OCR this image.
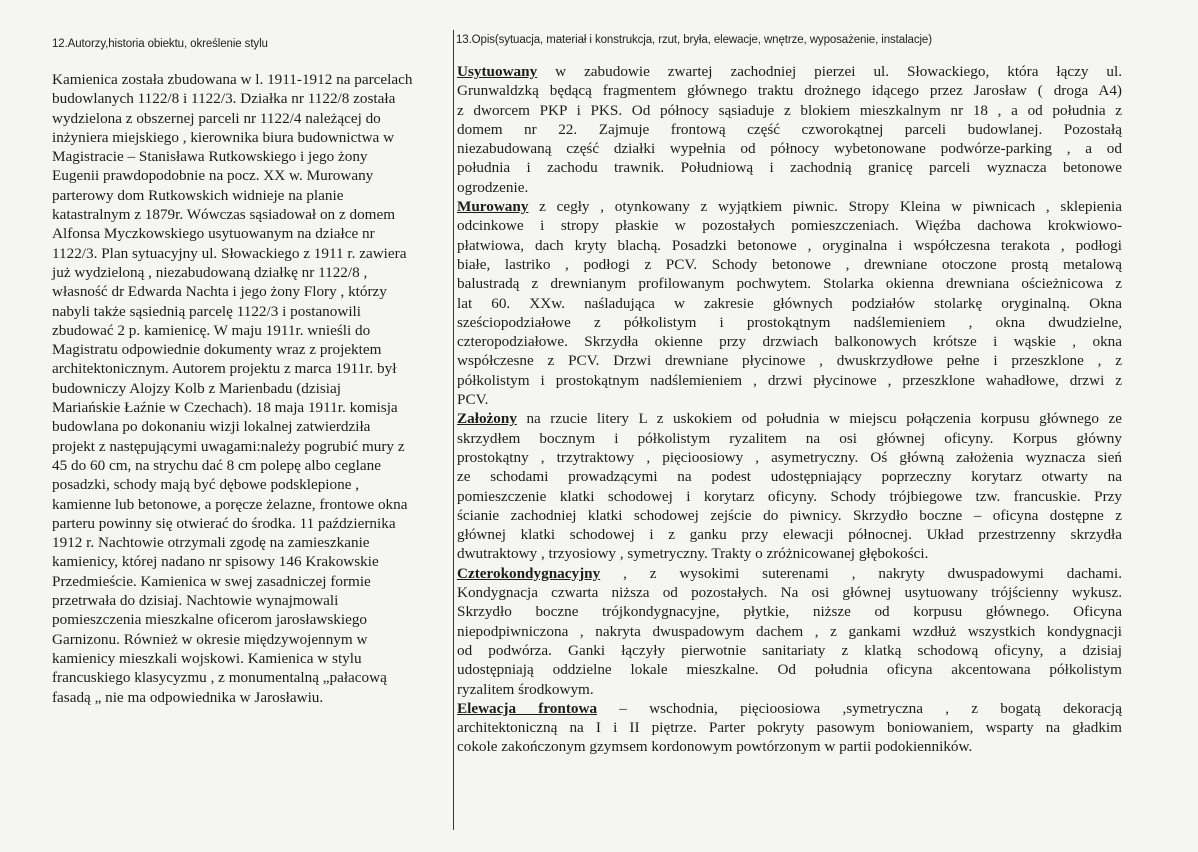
12.Autorzy,historia obiektu, określenie stylu	13.Opis(sytuacja, materiał i konstrukcja, rzut, bryła, elewacje, wnętrze, wyposażenie, instalacje)
Kamienica została zbudowana w l. 1911-1912 na parcelach
budowlanych 1122/8 i 1122/3. Działka nr 1122/8 została
wydzielona z obszernej parceli nr 1122/4 należącej do
inżyniera miejskiego , kierownika biura budownictwa w
Magistracie – Stanisława Rutkowskiego i jego żony
Eugenii prawdopodobnie na pocz. XX w. Murowany
parterowy dom Rutkowskich widnieje na planie
katastralnym z 1879r. Wówczas sąsiadował on z domem
Alfonsa Myczkowskiego usytuowanym na działce nr
1122/3. Plan sytuacyjny ul. Słowackiego z 1911 r. zawiera
już wydzieloną , niezabudowaną działkę nr 1122/8 ,
własność dr Edwarda Nachta i jego żony Flory , którzy
nabyli także sąsiednią parcelę 1122/3 i postanowili
zbudować 2 p. kamienicę. W maju 1911r. wnieśli do
Magistratu odpowiednie dokumenty wraz z projektem
architektonicznym. Autorem projektu z marca 1911r. był
budowniczy Alojzy Kolb z Marienbadu (dzisiaj
Mariańskie Łaźnie w Czechach). 18 maja 1911r. komisja
budowlana po dokonaniu wizji lokalnej zatwierdziła
projekt z następującymi uwagami:należy pogrubić mury z
45 do 60 cm, na strychu dać 8 cm polepę albo ceglane
posadzki, schody mają być dębowe podsklepione ,
kamienne lub betonowe, a poręcze żelazne, frontowe okna
parteru powinny się otwierać do środka. 11 października
1912 r. Nachtowie otrzymali zgodę na zamieszkanie
kamienicy, której nadano nr spisowy 146 Krakowskie
Przedmieście. Kamienica w swej zasadniczej formie
przetrwała do dzisiaj. Nachtowie wynajmowali
pomieszczenia mieszkalne oficerom jarosławskiego
Garnizonu. Również w okresie międzywojennym w
kamienicy mieszkali wojskowi. Kamienica w stylu
francuskiego klasycyzmu , z monumentalną „pałacową
fasadą „ nie ma odpowiednika w Jarosławiu.
Usytuowany w zabudowie zwartej zachodniej pierzei ul. Słowackiego, która łączy ul.
Grunwaldzką będącą fragmentem głównego traktu drożnego idącego przez Jarosław ( droga A4)
z dworcem PKP i PKS. Od północy sąsiaduje z blokiem mieszkalnym nr 18 , a od południa z
domem nr 22. Zajmuje frontową część czworokątnej parceli budowlanej. Pozostałą
niezabudowaną część działki wypełnia od północy wybetonowane podwórze-parking , a od
południa i zachodu trawnik. Południową i zachodnią granicę parceli wyznacza betonowe
ogrodzenie.
Murowany z cegły , otynkowany z wyjątkiem piwnic. Stropy Kleina w piwnicach , sklepienia
odcinkowe i stropy płaskie w pozostałych pomieszczeniach. Więźba dachowa krokwiowo-
płatwiowa, dach kryty blachą. Posadzki betonowe , oryginalna i współczesna terakota , podłogi
białe, lastriko , podłogi z PCV. Schody betonowe , drewniane otoczone prostą metalową
balustradą z drewnianym profilowanym pochwytem. Stolarka okienna drewniana ościeżnicowa z
lat 60. XXw. naśladująca w zakresie głównych podziałów stolarkę oryginalną. Okna
sześciopodziałowe z półkolistym i prostokątnym nadślemieniem , okna dwudzielne,
czteropodziałowe. Skrzydła okienne przy drzwiach balkonowych krótsze i wąskie , okna
współczesne z PCV. Drzwi drewniane płycinowe , dwuskrzydłowe pełne i przeszklone , z
półkolistym i prostokątnym nadślemieniem , drzwi płycinowe , przeszklone wahadłowe, drzwi z
PCV.
Założony na rzucie litery L z uskokiem od południa w miejscu połączenia korpusu głównego ze
skrzydłem bocznym i półkolistym ryzalitem na osi głównej oficyny. Korpus główny
prostokątny , trzytraktowy , pięcioosiowy , asymetryczny. Oś główną założenia wyznacza sień
ze schodami prowadzącymi na podest udostępniający poprzeczny korytarz otwarty na
pomieszczenie klatki schodowej i korytarz oficyny. Schody trójbiegowe tzw. francuskie. Przy
ścianie zachodniej klatki schodowej zejście do piwnicy. Skrzydło boczne – oficyna dostępne z
głównej klatki schodowej i z ganku przy elewacji północnej. Układ przestrzenny skrzydła
dwutraktowy , trzyosiowy , symetryczny. Trakty o zróżnicowanej głębokości.
Czterokondygnacyjny , z wysokimi suterenami , nakryty dwuspadowymi dachami.
Kondygnacja czwarta niższa od pozostałych. Na osi głównej usytuowany trójścienny wykusz.
Skrzydło boczne trójkondygnacyjne, płytkie, niższe od korpusu głównego. Oficyna
niepodpiwniczona , nakryta dwuspadowym dachem , z gankami wzdłuż wszystkich kondygnacji
od podwórza. Ganki łączyły pierwotnie sanitariaty z klatką schodową oficyny, a dzisiaj
udostępniają oddzielne lokale mieszkalne. Od południa oficyna akcentowana półkolistym
ryzalitem środkowym.
Elewacja frontowa – wschodnia, pięcioosiowa ,symetryczna , z bogatą dekoracją
architektoniczną na I i II piętrze. Parter pokryty pasowym boniowaniem, wsparty na gładkim
cokole zakończonym gzymsem kordonowym powtórzonym w partii podokienników.
